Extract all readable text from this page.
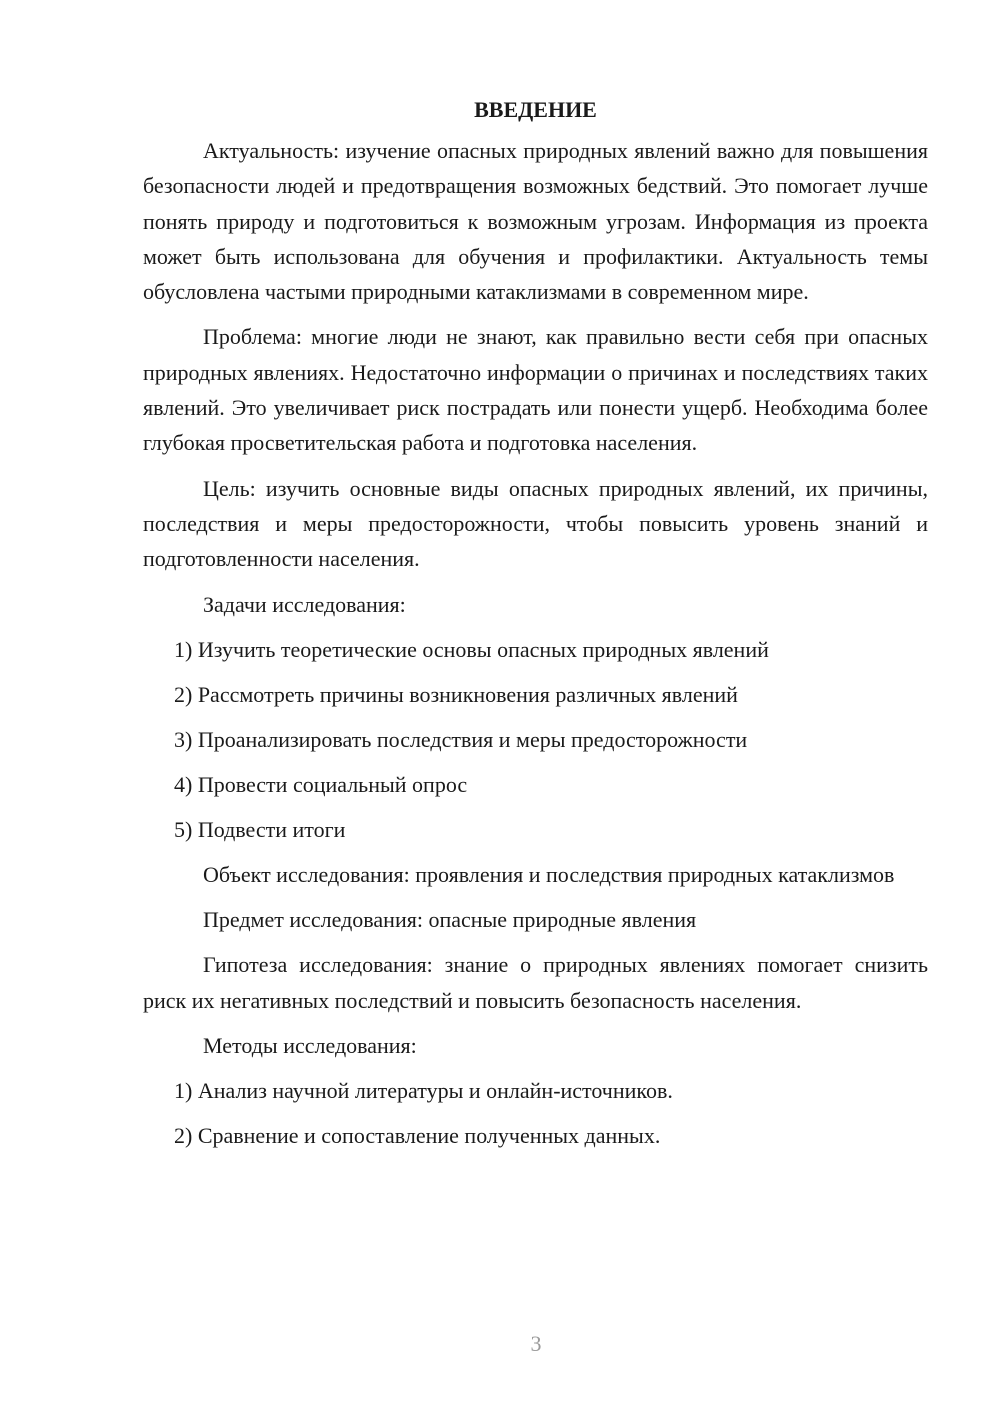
ВВЕДЕНИЕ

Актуальность: изучение опасных природных явлений важно для повышения безопасности людей и предотвращения возможных бедствий. Это помогает лучше понять природу и подготовиться к возможным угрозам. Информация из проекта может быть использована для обучения и профилактики. Актуальность темы обусловлена частыми природными катаклизмами в современном мире.

Проблема: многие люди не знают, как правильно вести себя при опасных природных явлениях. Недостаточно информации о причинах и последствиях таких явлений. Это увеличивает риск пострадать или понести ущерб. Необходима более глубокая просветительская работа и подготовка населения.

Цель: изучить основные виды опасных природных явлений, их причины, последствия и меры предосторожности, чтобы повысить уровень знаний и подготовленности населения.

Задачи исследования:

1) Изучить теоретические основы опасных природных явлений
2) Рассмотреть причины возникновения различных явлений
3) Проанализировать последствия и меры предосторожности
4) Провести социальный опрос
5) Подвести итоги

Объект исследования: проявления и последствия природных катаклизмов

Предмет исследования: опасные природные явления

Гипотеза исследования: знание о природных явлениях помогает снизить риск их негативных последствий и повысить безопасность населения.

Методы исследования:

1) Анализ научной литературы и онлайн-источников.
2) Сравнение и сопоставление полученных данных.
3
